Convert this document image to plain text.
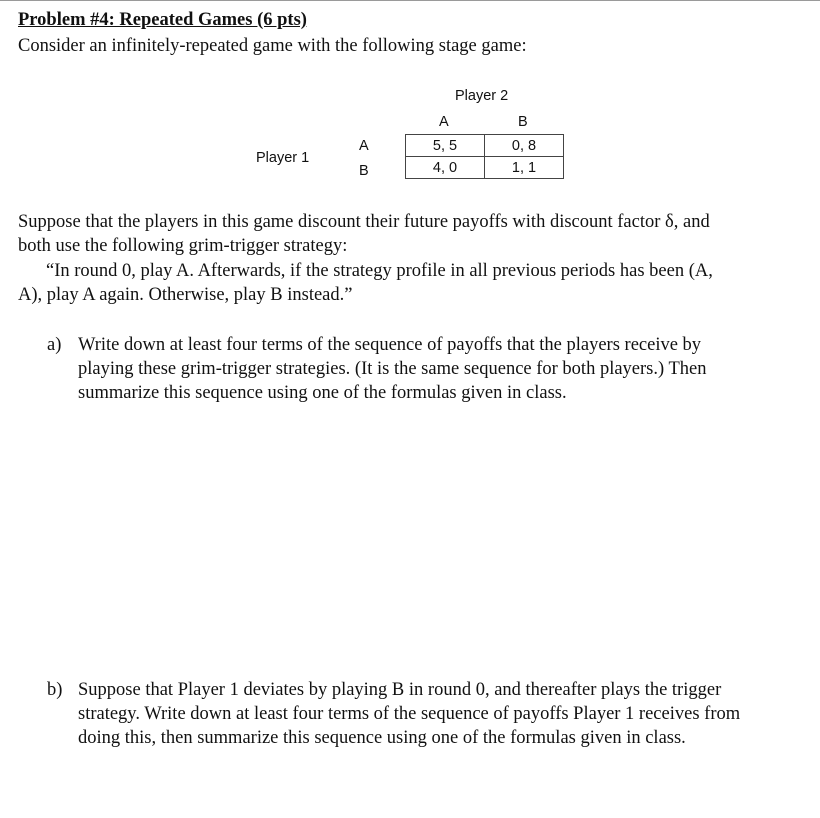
Problem #4: Repeated Games (6 pts)
Consider an infinitely-repeated game with the following stage game:
Player 2
A	B
Player 1
A
B
5, 5	0, 8
4, 0	1, 1
Suppose that the players in this game discount their future payoffs with discount factor δ, and
both use the following grim-trigger strategy:
“In round 0, play A. Afterwards, if the strategy profile in all previous periods has been (A,
A), play A again. Otherwise, play B instead.”
a) Write down at least four terms of the sequence of payoffs that the players receive by
playing these grim-trigger strategies. (It is the same sequence for both players.) Then
summarize this sequence using one of the formulas given in class.
b) Suppose that Player 1 deviates by playing B in round 0, and thereafter plays the trigger
strategy. Write down at least four terms of the sequence of payoffs Player 1 receives from
doing this, then summarize this sequence using one of the formulas given in class.
